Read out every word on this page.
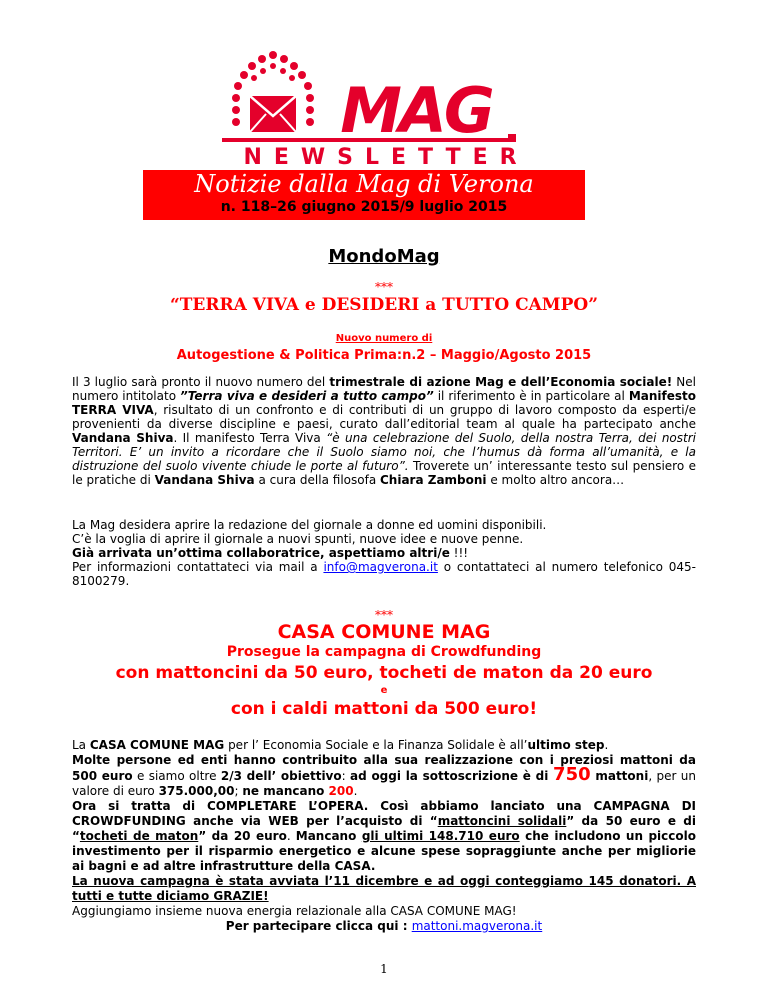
MAG
NEWSLETTER
Notizie dalla Mag di Verona
n. 118–26 giugno 2015/9 luglio 2015
MondoMag
***
“TERRA VIVA e DESIDERI a TUTTO CAMPO”
Nuovo numero di
Autogestione & Politica Prima:n.2 – Maggio/Agosto 2015
Il 3 luglio sarà pronto il nuovo numero del trimestrale di azione Mag e dell’Economia sociale! Nel numero intitolato ”Terra viva e desideri a tutto campo” il riferimento è in particolare al Manifesto TERRA VIVA, risultato di un confronto e di contributi di un gruppo di lavoro composto da esperti/e provenienti da diverse discipline e paesi, curato dall’editorial team al quale ha partecipato anche Vandana Shiva. Il manifesto Terra Viva “è una celebrazione del Suolo, della nostra Terra, dei nostri Territori. E’ un invito a ricordare che il Suolo siamo noi, che l’humus dà forma all’umanità, e la distruzione del suolo vivente chiude le porte al futuro”. Troverete un’ interessante testo sul pensiero e le pratiche di Vandana Shiva a cura della filosofa Chiara Zamboni e molto altro ancora…

La Mag desidera aprire la redazione del giornale a donne ed uomini disponibili.

C’è la voglia di aprire il giornale a nuovi spunti, nuove idee e nuove penne.

Già arrivata un’ottima collaboratrice, aspettiamo altri/e !!!

Per informazioni contattateci via mail a info@magverona.it o contattateci al numero telefonico 045-8100279.

***
CASA COMUNE MAG
Prosegue la campagna di Crowdfunding
con mattoncini da 50 euro, tocheti de maton da 20 euro
e
con i caldi mattoni da 500 euro!

La CASA COMUNE MAG per l’ Economia Sociale e la Finanza Solidale è all’ultimo step.

Molte persone ed enti hanno contribuito alla sua realizzazione con i preziosi mattoni da 500 euro e siamo oltre 2/3 dell’ obiettivo: ad oggi la sottoscrizione è di 750 mattoni, per un valore di euro 375.000,00; ne mancano 200.

Ora si tratta di COMPLETARE L’OPERA. Così abbiamo lanciato una CAMPAGNA DI CROWDFUNDING anche via WEB per l’acquisto di “mattoncini solidali” da 50 euro e di “tocheti de maton” da 20 euro. Mancano gli ultimi 148.710 euro che includono un piccolo investimento per il risparmio energetico e alcune spese sopraggiunte anche per migliorie ai bagni e ad altre infrastrutture della CASA.

La nuova campagna è stata avviata l’11 dicembre e ad oggi conteggiamo 145 donatori. A tutti e tutte diciamo GRAZIE!

Aggiungiamo insieme nuova energia relazionale alla CASA COMUNE MAG!

Per partecipare clicca qui : mattoni.magverona.it

1
